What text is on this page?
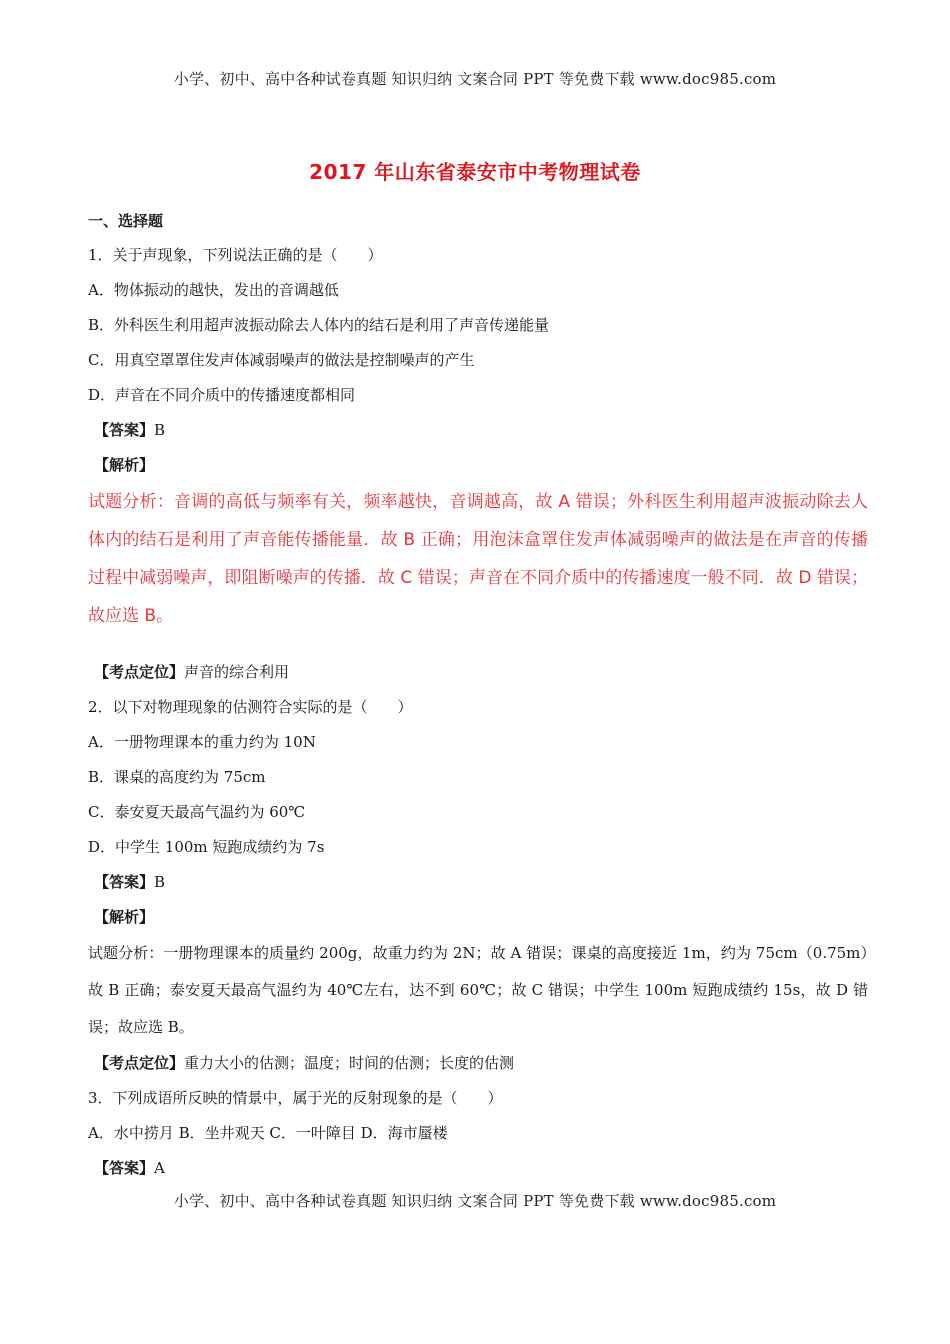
小学、初中、高中各种试卷真题 知识归纳 文案合同 PPT 等免费下载 www.doc985.com
2017 年山东省泰安市中考物理试卷
一、选择题
1．关于声现象，下列说法正确的是（　　）
A．物体振动的越快，发出的音调越低
B．外科医生利用超声波振动除去人体内的结石是利用了声音传递能量
C．用真空罩罩住发声体减弱噪声的做法是控制噪声的产生
D．声音在不同介质中的传播速度都相同
【答案】B
【解析】
试题分析：音调的高低与频率有关，频率越快，音调越高，故 A 错误；外科医生利用超声波振动除去人体内的结石是利用了声音能传播能量．故 B 正确；用泡沫盒罩住发声体减弱噪声的做法是在声音的传播过程中减弱噪声，即阻断噪声的传播．故 C 错误；声音在不同介质中的传播速度一般不同．故 D 错误；故应选 B。
【考点定位】声音的综合利用
2．以下对物理现象的估测符合实际的是（　　）
A．一册物理课本的重力约为 10N
B．课桌的高度约为 75cm
C．泰安夏天最高气温约为 60℃
D．中学生 100m 短跑成绩约为 7s
【答案】B
【解析】
试题分析：一册物理课本的质量约 200g，故重力约为 2N；故 A 错误；课桌的高度接近 1m，约为 75cm（0.75m）故 B 正确；泰安夏天最高气温约为 40℃左右，达不到 60℃；故 C 错误；中学生 100m 短跑成绩约 15s，故 D 错误；故应选 B。
【考点定位】重力大小的估测；温度；时间的估测；长度的估测
3．下列成语所反映的情景中，属于光的反射现象的是（　　）
A．水中捞月 B．坐井观天 C．一叶障目 D．海市蜃楼
【答案】A
小学、初中、高中各种试卷真题 知识归纳 文案合同 PPT 等免费下载 www.doc985.com
